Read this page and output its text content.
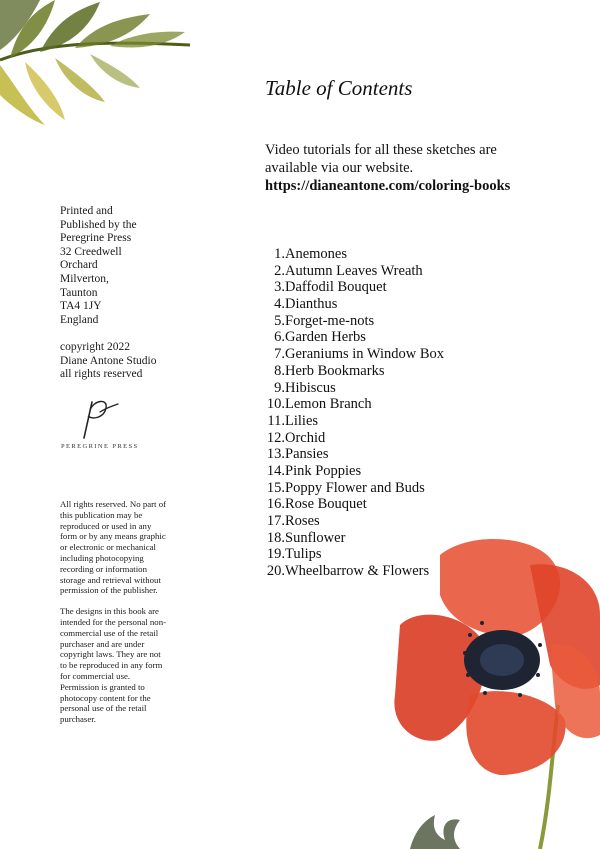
Table of Contents
Video tutorials for all these sketches are
available via our website.
https://dianeantone.com/coloring-books
Printed and
Published by the
Peregrine Press
32 Creedwell
Orchard
Milverton,
Taunton
TA4 1JY
England
copyright 2022
Diane Antone Studio
all rights reserved
PEREGRINE PRESS

All rights reserved. No part of this publication may be reproduced or used in any form or by any means graphic or electronic or mechanical including photocopying recording or information storage and retrieval without permission of the publisher.

The designs in this book are intended for the personal non-commercial use of the retail purchaser and are under copyright laws. They are not to be reproduced in any form for commercial use. Permission is granted to photocopy content for the personal use of the retail purchaser.

1. Anemones
2. Autumn Leaves Wreath
3. Daffodil Bouquet
4. Dianthus
5. Forget-me-nots
6. Garden Herbs
7. Geraniums in Window Box
8. Herb Bookmarks
9. Hibiscus
10. Lemon Branch
11. Lilies
12. Orchid
13. Pansies
14. Pink Poppies
15. Poppy Flower and Buds
16. Rose Bouquet
17. Roses
18. Sunflower
19. Tulips
20. Wheelbarrow & Flowers
